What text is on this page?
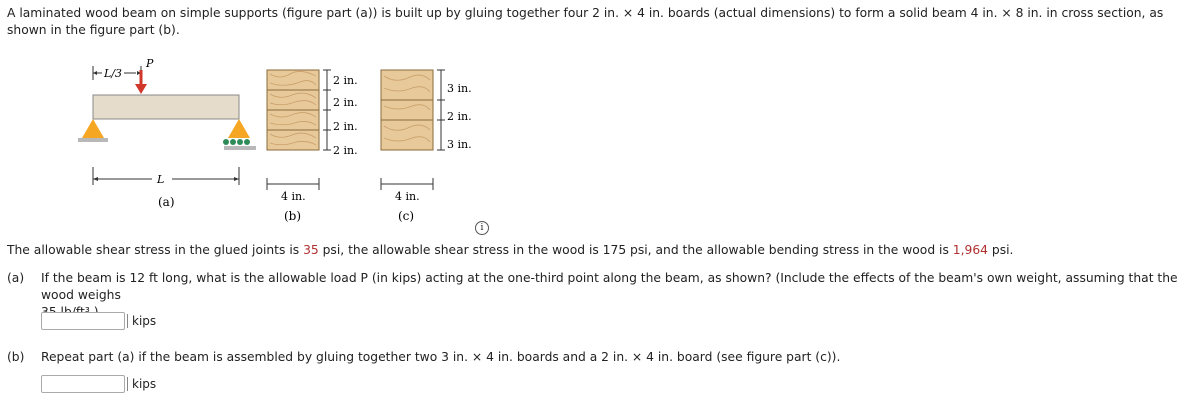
A laminated wood beam on simple supports (figure part (a)) is built up by gluing together four 2 in. × 4 in. boards (actual dimensions) to form a solid beam 4 in. × 8 in. in cross section, as shown in the figure part (b).
L/3
P
L
(a)
2 in.
2 in.
2 in.
2 in.
4 in.
(b)
3 in.
2 in.
3 in.
4 in.
(c)
i
The allowable shear stress in the glued joints is 35 psi, the allowable shear stress in the wood is 175 psi, and the allowable bending stress in the wood is 1,964 psi.
(a)	If the beam is 12 ft long, what is the allowable load P (in kips) acting at the one-third point along the beam, as shown? (Include the effects of the beam's own weight, assuming that the wood weighs

kips
(b)	Repeat part (a) if the beam is assembled by gluing together two 3 in. × 4 in. boards and a 2 in. × 4 in. board (see figure part (c)).
kips
